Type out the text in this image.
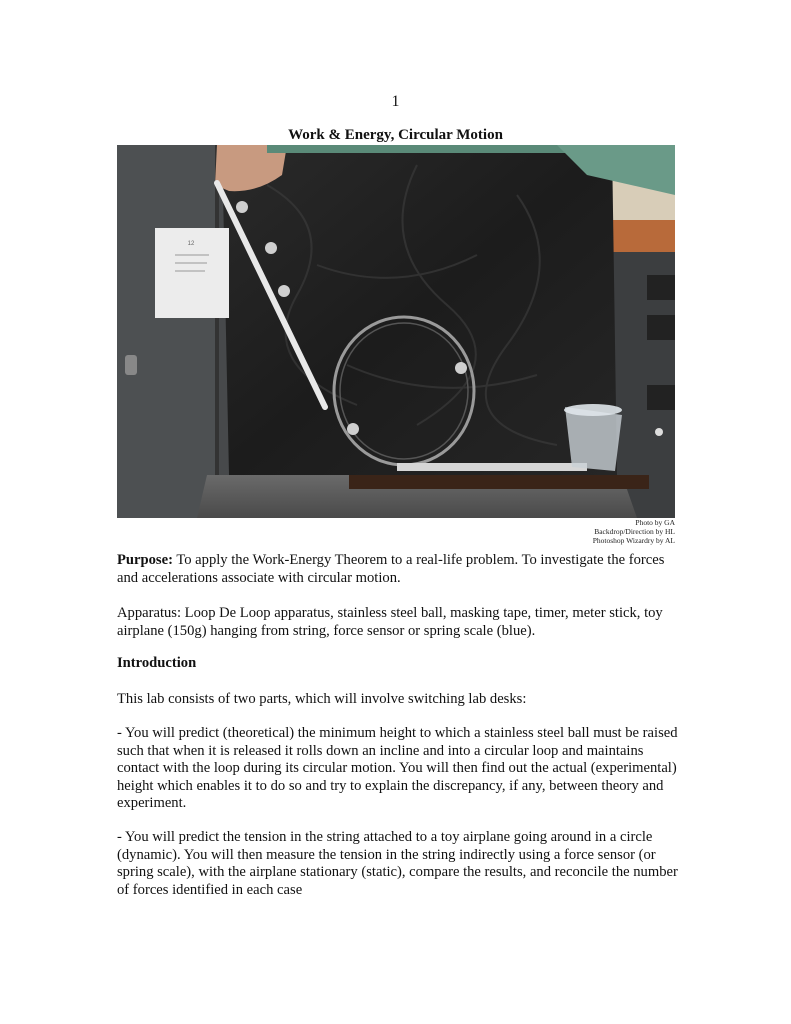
1
Work & Energy, Circular Motion
12
Photo by GA
Backdrop/Direction by HL
Photoshop Wizardry by AL
Purpose: To apply the Work-Energy Theorem to a real-life problem. To investigate the forces and accelerations associate with circular motion.
Apparatus: Loop De Loop apparatus, stainless steel ball, masking tape, timer, meter stick, toy airplane (150g) hanging from string, force sensor or spring scale (blue).
Introduction
This lab consists of two parts, which will involve switching lab desks:
- You will predict (theoretical) the minimum height to which a stainless steel ball must be raised such that when it is released it rolls down an incline and into a circular loop and maintains contact with the loop during its circular motion. You will then find out the actual (experimental) height which enables it to do so and try to explain the discrepancy, if any, between theory and experiment.
- You will predict the tension in the string attached to a toy airplane going around in a circle (dynamic). You will then measure the tension in the string indirectly using a force sensor (or spring scale), with the airplane stationary (static), compare the results, and reconcile the number of forces identified in each case
